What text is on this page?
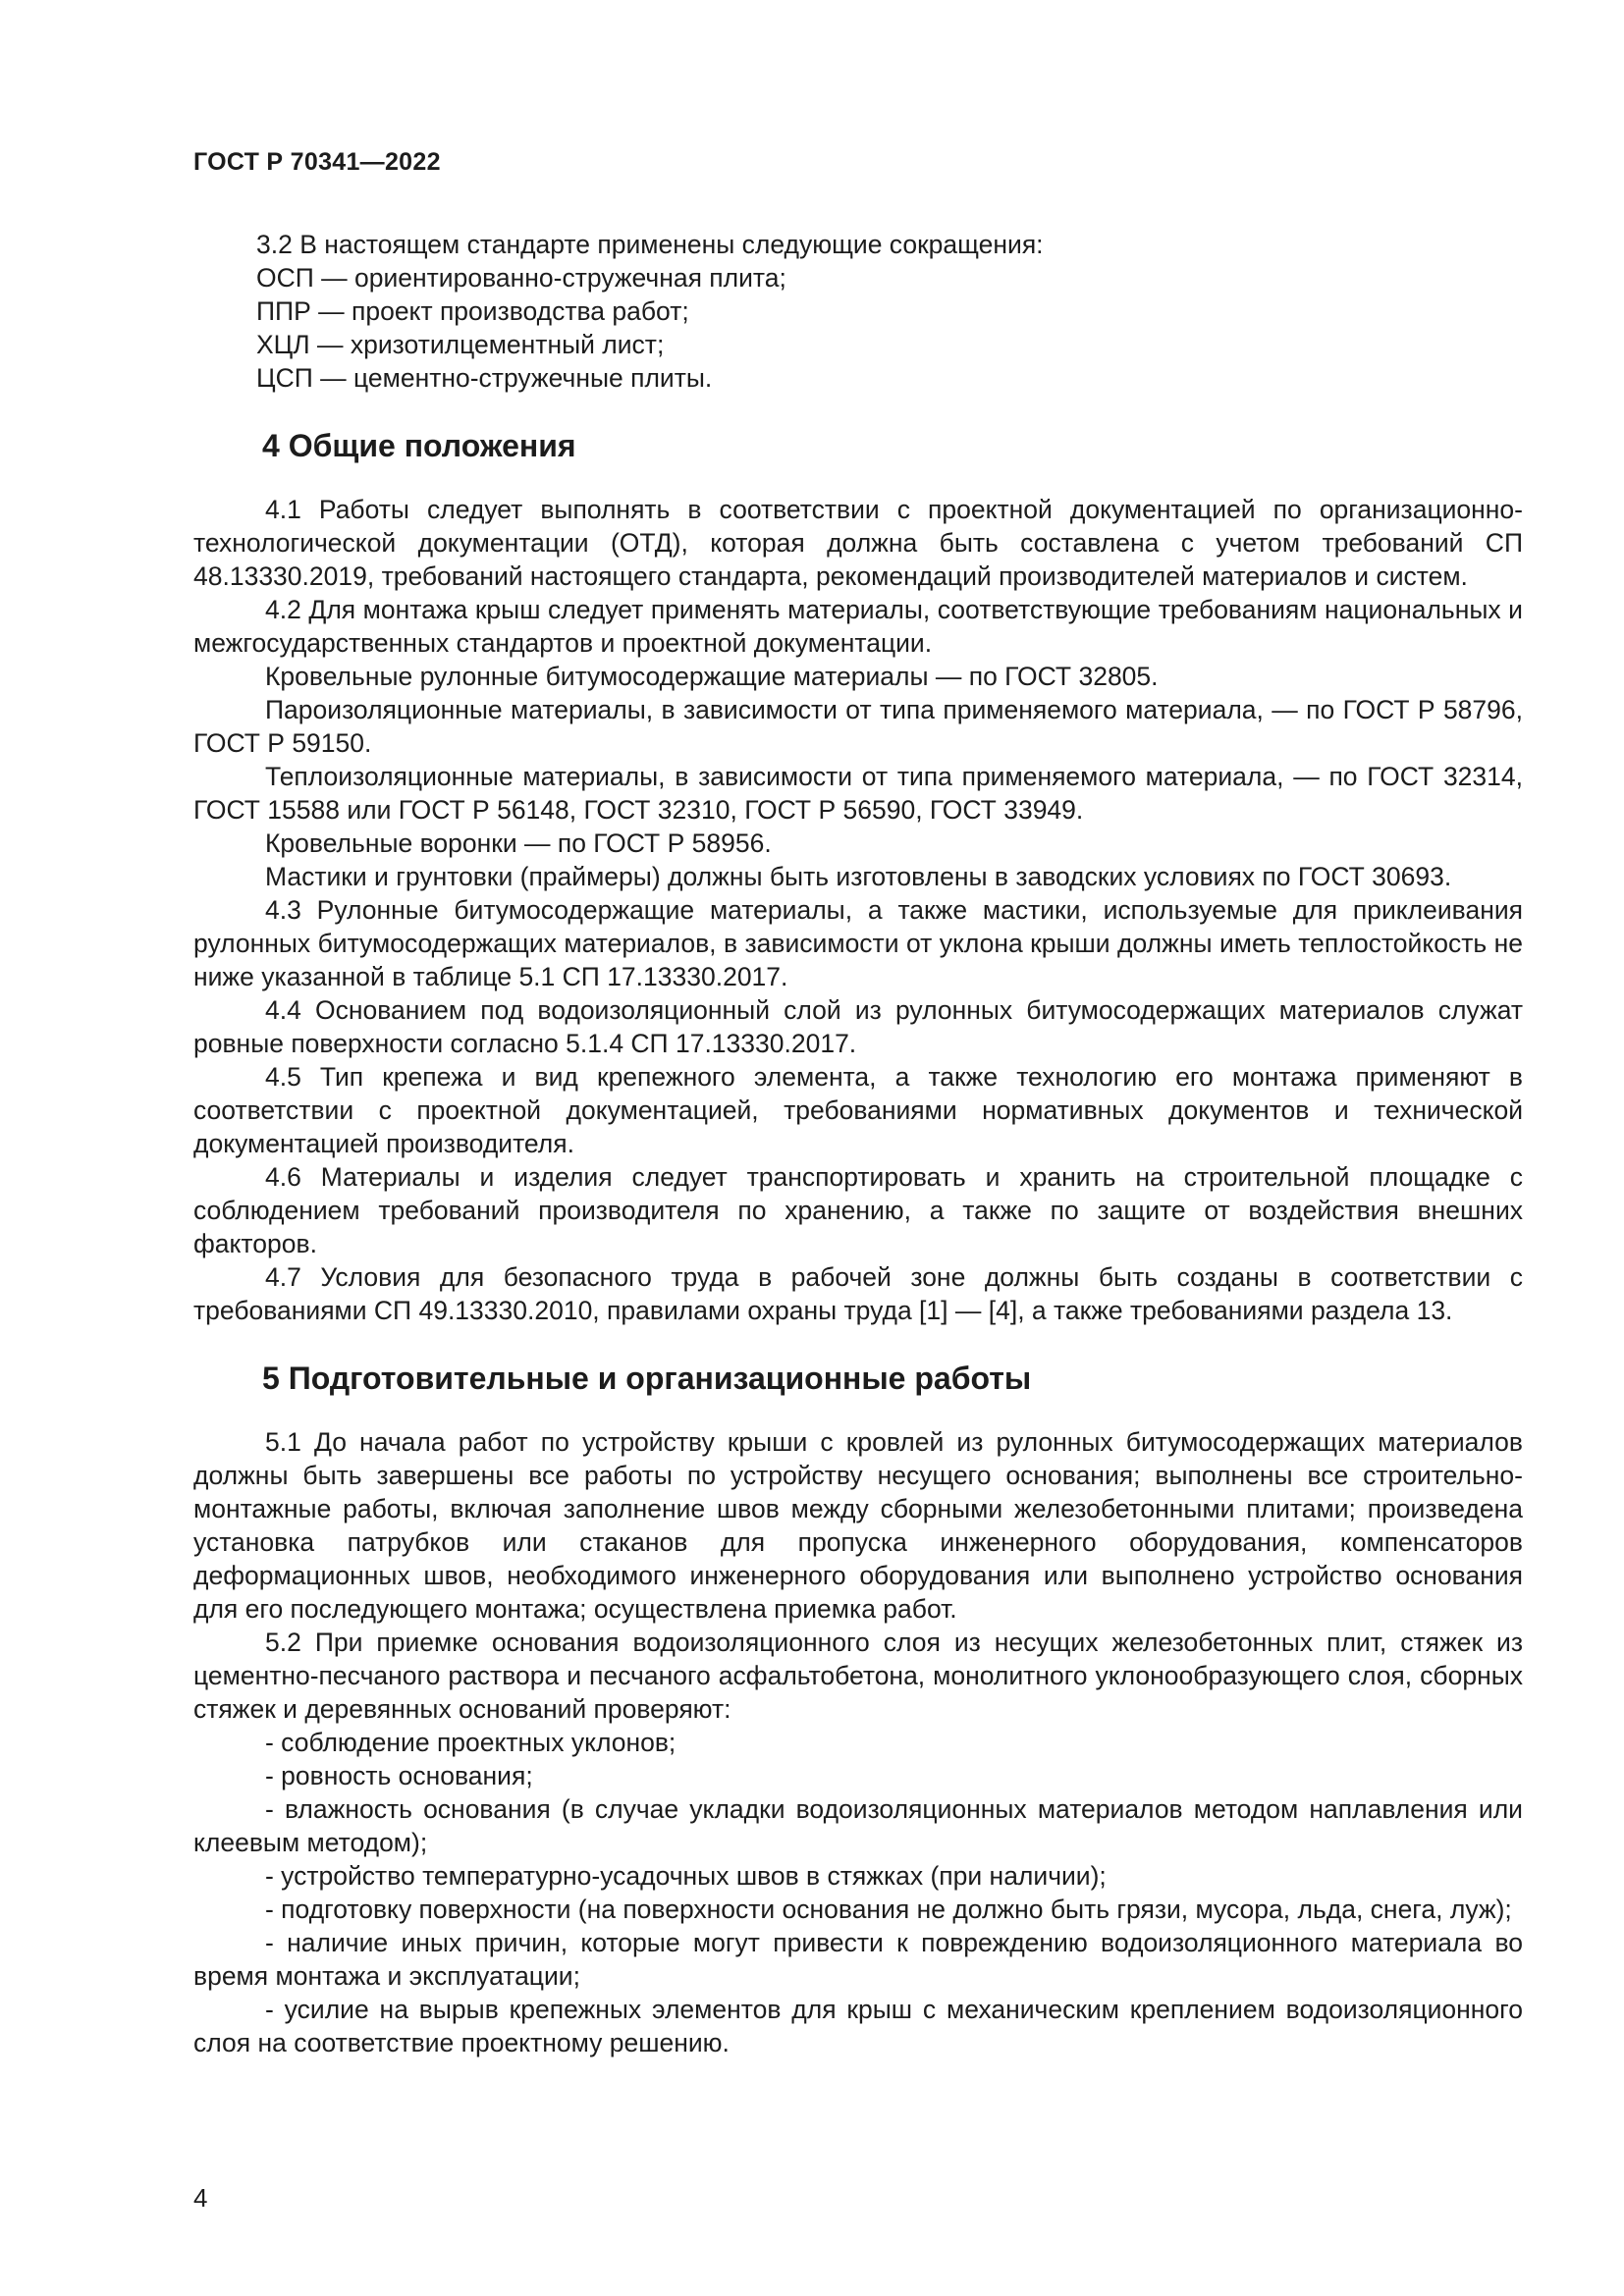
ГОСТ Р 70341—2022

3.2 В настоящем стандарте применены следующие сокращения:

ОСП — ориентированно-стружечная плита;
ППР — проект производства работ;
ХЦЛ — хризотилцементный лист;
ЦСП — цементно-стружечные плиты.
4 Общие положения

4.1 Работы следует выполнять в соответствии с проектной документацией по организационно-технологической документации (ОТД), которая должна быть составлена с учетом требований СП 48.13330.2019, требований настоящего стандарта, рекомендаций производителей материалов и систем.

4.2 Для монтажа крыш следует применять материалы, соответствующие требованиям национальных и межгосударственных стандартов и проектной документации.

Кровельные рулонные битумосодержащие материалы — по ГОСТ 32805.

Пароизоляционные материалы, в зависимости от типа применяемого материала, — по ГОСТ Р 58796, ГОСТ Р 59150.

Теплоизоляционные материалы, в зависимости от типа применяемого материала, — по ГОСТ 32314, ГОСТ 15588 или ГОСТ Р 56148, ГОСТ 32310, ГОСТ Р 56590, ГОСТ 33949.

Кровельные воронки — по ГОСТ Р 58956.

Мастики и грунтовки (праймеры) должны быть изготовлены в заводских условиях по ГОСТ 30693.

4.3 Рулонные битумосодержащие материалы, а также мастики, используемые для приклеивания рулонных битумосодержащих материалов, в зависимости от уклона крыши должны иметь теплостойкость не ниже указанной в таблице 5.1 СП 17.13330.2017.

4.4 Основанием под водоизоляционный слой из рулонных битумосодержащих материалов служат ровные поверхности согласно 5.1.4 СП 17.13330.2017.

4.5 Тип крепежа и вид крепежного элемента, а также технологию его монтажа применяют в соответствии с проектной документацией, требованиями нормативных документов и технической документацией производителя.

4.6 Материалы и изделия следует транспортировать и хранить на строительной площадке с соблюдением требований производителя по хранению, а также по защите от воздействия внешних факторов.

4.7 Условия для безопасного труда в рабочей зоне должны быть созданы в соответствии с требованиями СП 49.13330.2010, правилами охраны труда [1] — [4], а также требованиями раздела 13.

5 Подготовительные и организационные работы

5.1 До начала работ по устройству крыши с кровлей из рулонных битумосодержащих материалов должны быть завершены все работы по устройству несущего основания; выполнены все строительно-монтажные работы, включая заполнение швов между сборными железобетонными плитами; произведена установка патрубков или стаканов для пропуска инженерного оборудования, компенсаторов деформационных швов, необходимого инженерного оборудования или выполнено устройство основания для его последующего монтажа; осуществлена приемка работ.

5.2 При приемке основания водоизоляционного слоя из несущих железобетонных плит, стяжек из цементно-песчаного раствора и песчаного асфальтобетона, монолитного уклонообразующего слоя, сборных стяжек и деревянных оснований проверяют:

- соблюдение проектных уклонов;

- ровность основания;

- влажность основания (в случае укладки водоизоляционных материалов методом наплавления или клеевым методом);

- устройство температурно-усадочных швов в стяжках (при наличии);

- подготовку поверхности (на поверхности основания не должно быть грязи, мусора, льда, снега, луж);

- наличие иных причин, которые могут привести к повреждению водоизоляционного материала во время монтажа и эксплуатации;

- усилие на вырыв крепежных элементов для крыш с механическим креплением водоизоляционного слоя на соответствие проектному решению.

4
